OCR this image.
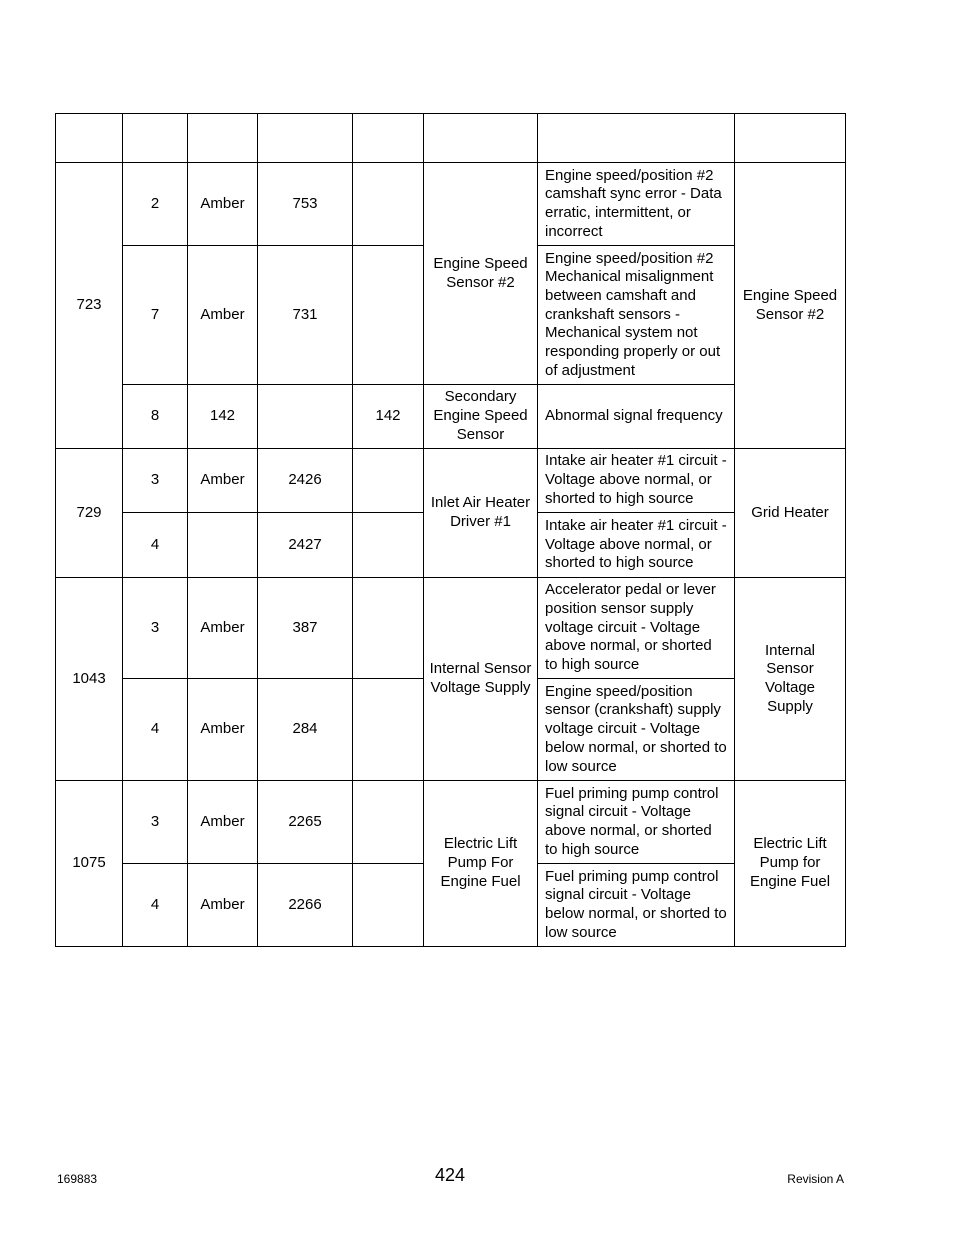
723	2	Amber	753		Engine Speed Sensor #2	Engine speed/position #2 camshaft sync error - Data erratic, intermittent, or incorrect	Engine Speed Sensor #2
	7	Amber	731			Engine speed/position #2 Mechanical misalignment between camshaft and crankshaft sensors - Mechanical system not responding properly or out of adjustment	
	8	142		142	Secondary Engine Speed Sensor	Abnormal signal frequency	
729	3	Amber	2426		Inlet Air Heater Driver #1	Intake air heater #1 circuit - Voltage above normal, or shorted to high source	Grid Heater
	4		2427			Intake air heater #1 circuit - Voltage above normal, or shorted to high source	
1043	3	Amber	387		Internal Sensor Voltage Supply	Accelerator pedal or lever position sensor supply voltage circuit - Voltage above normal, or shorted to high source	Internal Sensor Voltage Supply
	4	Amber	284			Engine speed/position sensor (crankshaft) supply voltage circuit - Voltage below normal, or shorted to low source	
1075	3	Amber	2265		Electric Lift Pump For Engine Fuel	Fuel priming pump control signal circuit - Voltage above normal, or shorted to high source	Electric Lift Pump for Engine Fuel
	4	Amber	2266			Fuel priming pump control signal circuit - Voltage below normal, or shorted to low source	
169883	424	Revision A
